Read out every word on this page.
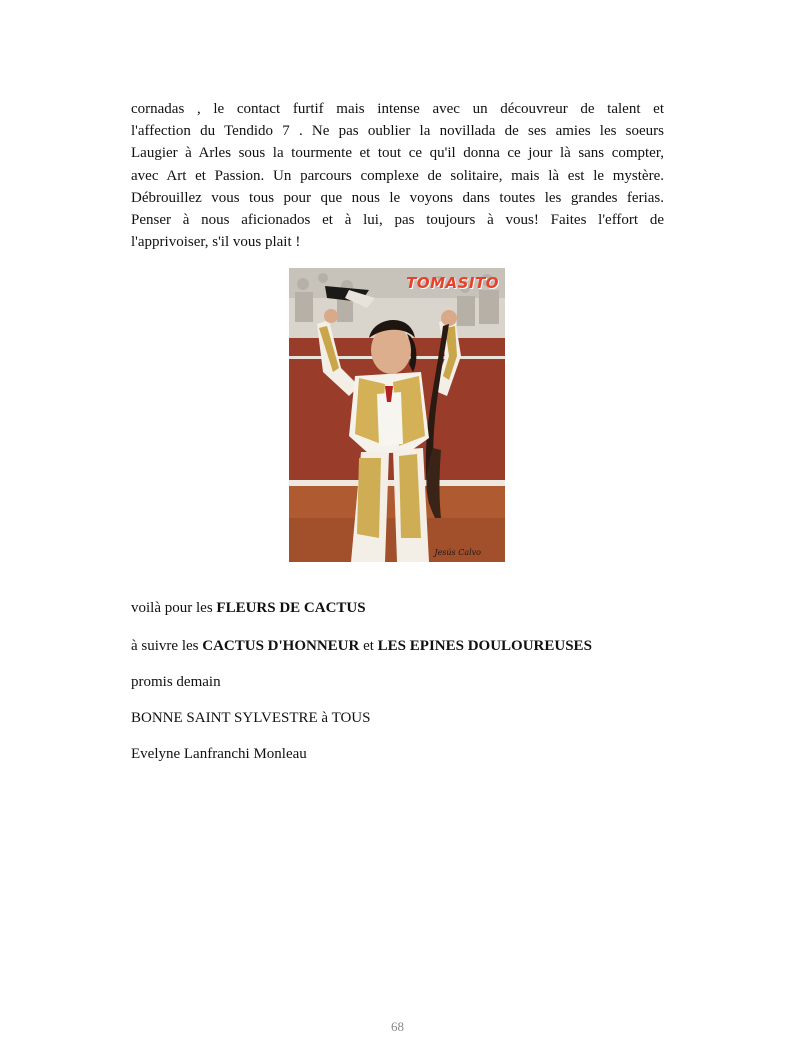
cornadas , le contact furtif mais intense avec un découvreur de talent et
l'affection du Tendido 7 . Ne pas oublier la novillada de ses amies les soeurs
Laugier à Arles sous la tourmente et tout ce qu'il donna ce jour là sans compter,
avec Art et Passion. Un parcours complexe de solitaire, mais là est le mystère.
Débrouillez vous tous pour que nous le voyons dans toutes les grandes ferias.
Penser à nous aficionados et à lui, pas toujours à vous! Faites l'effort de
l'apprivoiser, s'il vous plait !
TOMASITO
Jesús Calvo
voilà pour les FLEURS DE CACTUS
à suivre les CACTUS D'HONNEUR et LES EPINES DOULOUREUSES
promis demain
BONNE SAINT SYLVESTRE à TOUS
Evelyne Lanfranchi Monleau
68
